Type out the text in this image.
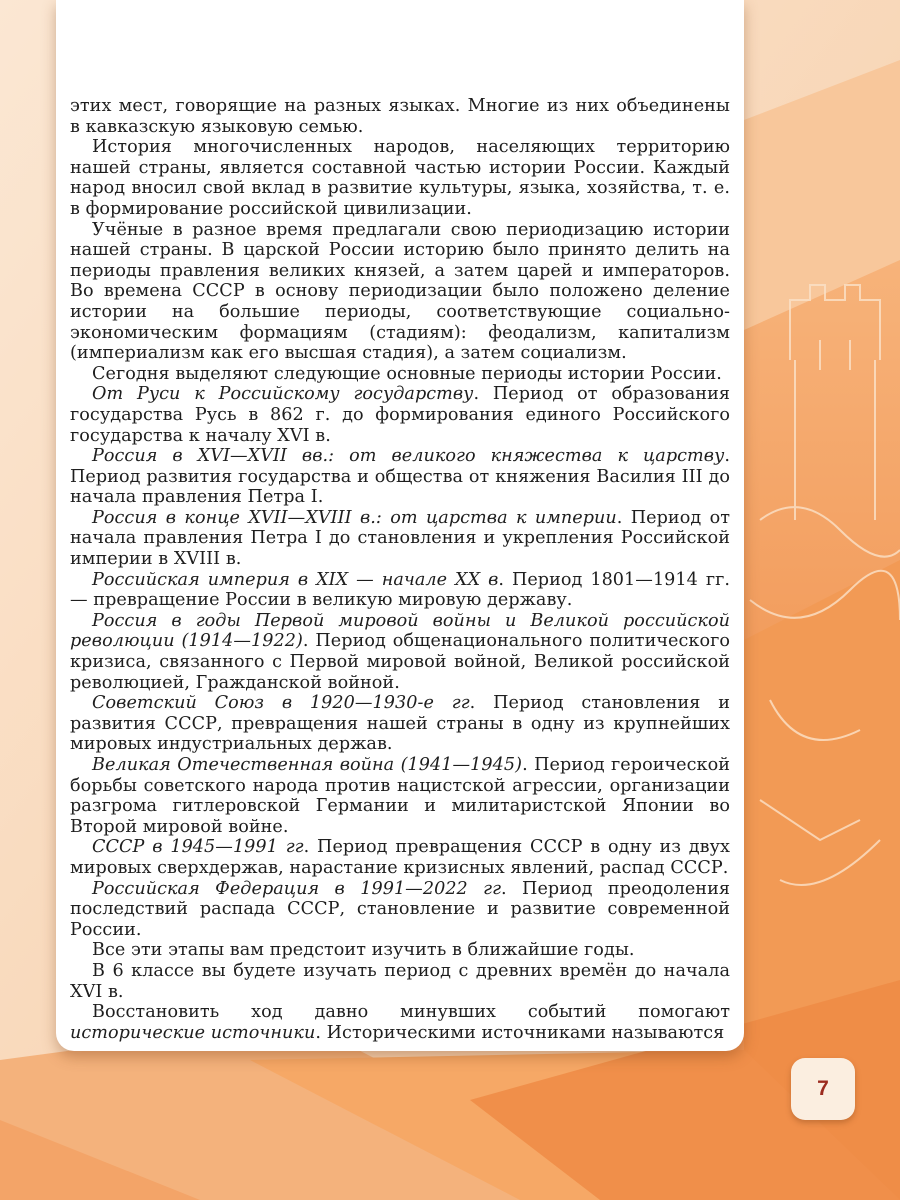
этих мест, говорящие на разных языках. Многие из них объединены в кавказскую языковую семью.

История многочисленных народов, населяющих территорию нашей страны, является составной частью истории России. Каждый народ вносил свой вклад в развитие культуры, языка, хозяйства, т. е. в формирование российской цивилизации.

Учёные в разное время предлагали свою периодизацию истории нашей страны. В царской России историю было принято делить на периоды правления великих князей, а затем царей и императоров. Во времена СССР в основу периодизации было положено деление истории на большие периоды, соответствующие социально-экономическим формациям (стадиям): феодализм, капитализм (империализм как его высшая стадия), а затем социализм.

Сегодня выделяют следующие основные периоды истории России.

От Руси к Российскому государству. Период от образования государства Русь в 862 г. до формирования единого Российского государства к началу XVI в.

Россия в XVI—XVII вв.: от великого княжества к царству. Период развития государства и общества от княжения Василия III до начала правления Петра I.

Россия в конце XVII—XVIII в.: от царства к империи. Период от начала правления Петра I до становления и укрепления Российской империи в XVIII в.

Российская империя в XIX — начале XX в. Период 1801—1914 гг. — превращение России в великую мировую державу.

Россия в годы Первой мировой войны и Великой российской революции (1914—1922). Период общенационального политического кризиса, связанного с Первой мировой войной, Великой российской революцией, Гражданской войной.

Советский Союз в 1920—1930-е гг. Период становления и развития СССР, превращения нашей страны в одну из крупнейших мировых индустриальных держав.

Великая Отечественная война (1941—1945). Период героической борьбы советского народа против нацистской агрессии, организации разгрома гитлеровской Германии и милитаристской Японии во Второй мировой войне.

СССР в 1945—1991 гг. Период превращения СССР в одну из двух мировых сверхдержав, нарастание кризисных явлений, распад СССР.

Российская Федерация в 1991—2022 гг. Период преодоления последствий распада СССР, становление и развитие современной России.

Все эти этапы вам предстоит изучить в ближайшие годы.

В 6 классе вы будете изучать период с древних времён до начала XVI в.

Восстановить ход давно минувших событий помогают исторические источники. Историческими источниками называются

7
